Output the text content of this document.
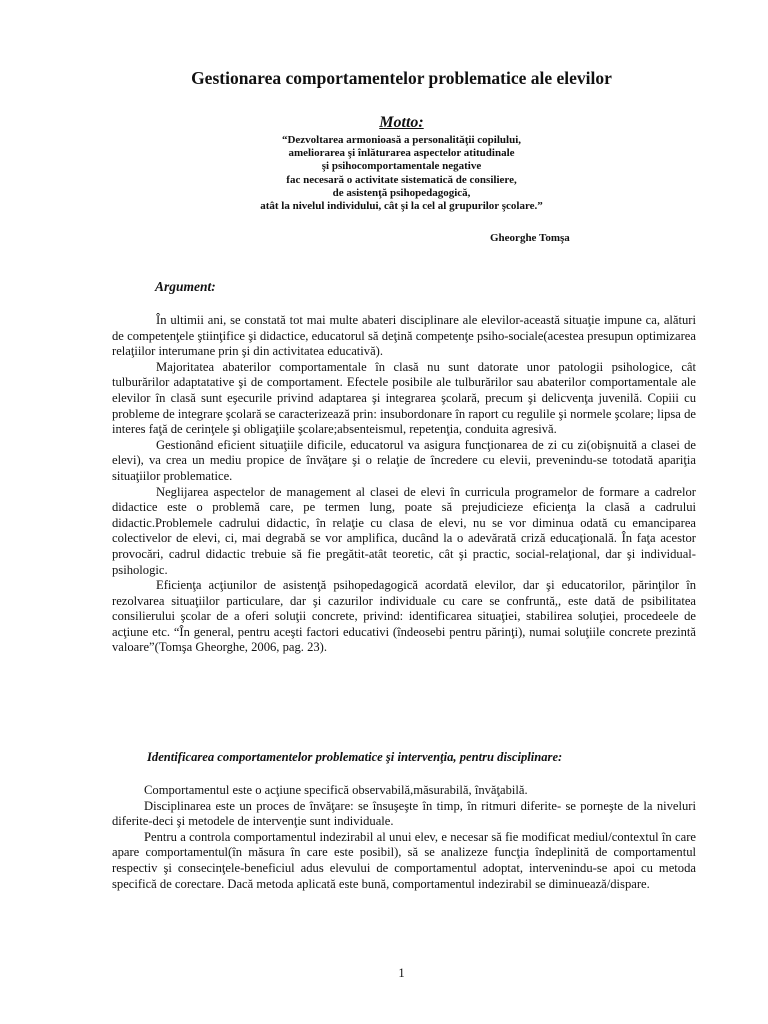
Gestionarea comportamentelor problematice ale elevilor
Motto:
“Dezvoltarea armonioasă a personalităţii copilului,
ameliorarea şi înlăturarea aspectelor atitudinale
şi psihocomportamentale negative
fac necesară o activitate sistematică de consiliere,
de asistenţă psihopedagogică,
atât la nivelul individului, cât şi la cel al grupurilor şcolare.”
Gheorghe Tomşa
Argument:

În ultimii ani, se constată tot mai multe abateri disciplinare ale elevilor-această situaţie impune ca, alături de competenţele ştiinţifice şi didactice, educatorul să deţină competenţe psiho-sociale(acestea presupun optimizarea relaţiilor interumane prin şi din activitatea educativă).

Majoritatea abaterilor comportamentale în clasă nu sunt datorate unor patologii psihologice, cât tulburărilor adaptatative şi de comportament. Efectele posibile ale tulburărilor sau abaterilor comportamentale ale elevilor în clasă sunt eşecurile privind adaptarea şi integrarea şcolară, precum şi delicvenţa juvenilă. Copiii cu probleme de integrare şcolară se caracterizează prin: insubordonare în raport cu regulile şi normele şcolare; lipsa de interes faţă de cerinţele şi obligaţiile şcolare;absenteismul, repetenţia, conduita agresivă.

Gestionând eficient situaţiile dificile, educatorul va asigura funcţionarea de zi cu zi(obişnuită a clasei de elevi), va crea un mediu propice de învăţare şi o relaţie de încredere cu elevii, prevenindu-se totodată apariţia situaţiilor problematice.

Neglijarea aspectelor de management al clasei de elevi în curricula programelor de formare a cadrelor didactice este o problemă care, pe termen lung, poate să prejudicieze eficienţa la clasă a cadrului didactic.Problemele cadrului didactic, în relaţie cu clasa de elevi, nu se vor diminua odată cu emanciparea colectivelor de elevi, ci, mai degrabă se vor amplifica, ducând la o adevărată criză educaţională. În faţa acestor provocări, cadrul didactic trebuie să fie pregătit-atât teoretic, cât şi practic, social-relaţional, dar şi individual-psihologic.

Eficienţa acţiunilor de asistenţă psihopedagogică acordată elevilor, dar şi educatorilor, părinţilor în rezolvarea situaţiilor particulare, dar şi cazurilor individuale cu care se confruntă,, este dată de psibilitatea consilierului şcolar de a oferi soluţii concrete, privind: identificarea situaţiei, stabilirea soluţiei, procedeele de acţiune etc. “În general, pentru aceşti factori educativi (îndeosebi pentru părinţi), numai soluţiile concrete prezintă valoare”(Tomşa Gheorghe, 2006, pag. 23).

Identificarea comportamentelor problematice şi intervenţia, pentru disciplinare:

Comportamentul este o acţiune specifică observabilă,măsurabilă, învăţabilă.

Disciplinarea este un proces de învăţare: se însuşeşte în timp, în ritmuri diferite- se porneşte de la niveluri diferite-deci şi metodele de intervenţie sunt individuale.

Pentru a controla comportamentul indezirabil al unui elev, e necesar să fie modificat mediul/contextul în care apare comportamentul(în măsura în care este posibil), să se analizeze funcţia îndeplinită de comportamentul respectiv şi consecinţele-beneficiul adus elevului de comportamentul adoptat, intervenindu-se apoi cu metoda specifică de corectare. Dacă metoda aplicată este bună, comportamentul indezirabil se diminuează/dispare.

1
